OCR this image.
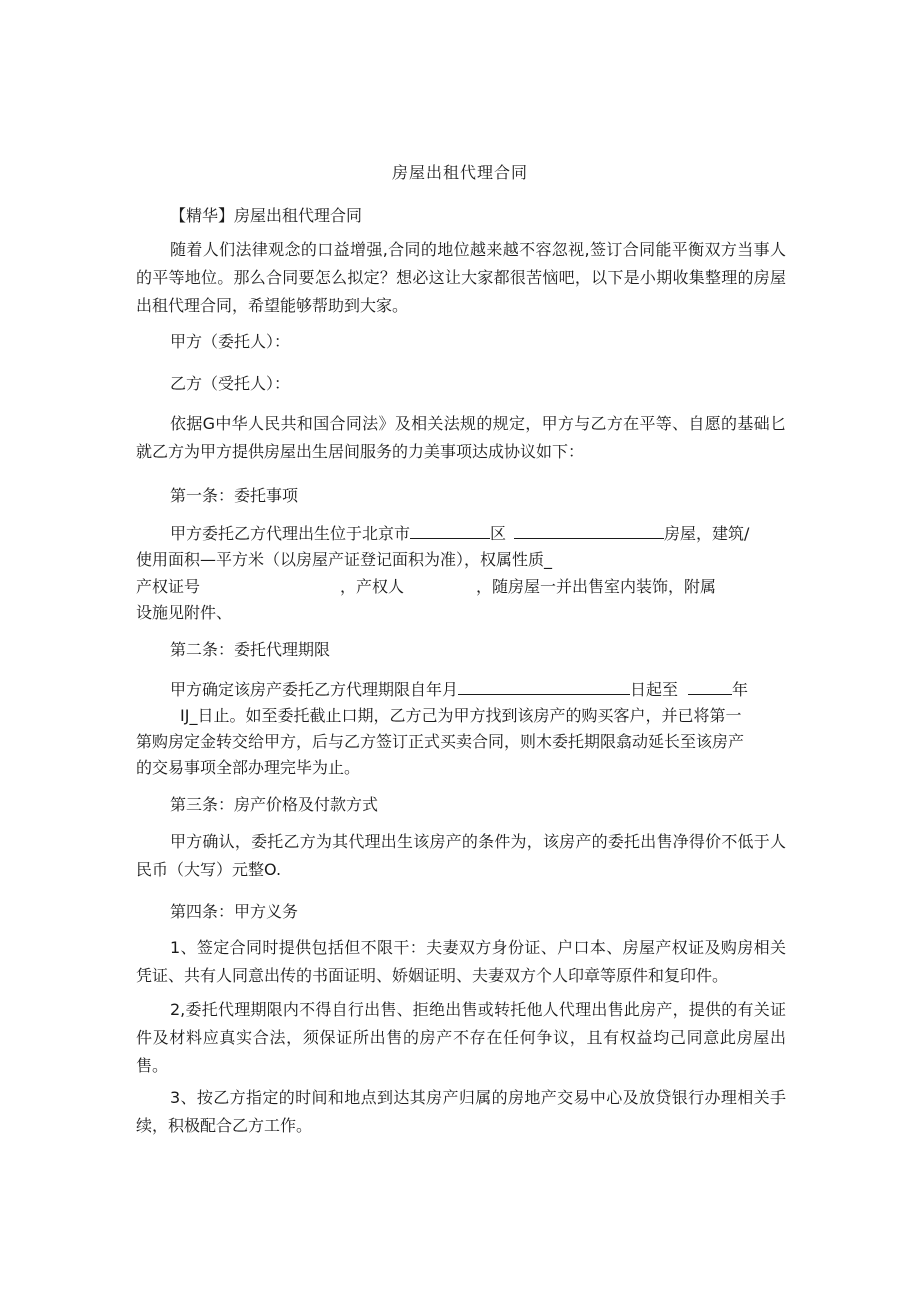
房屋出租代理合同

【精华】房屋出租代理合同

随着人们法律观念的口益增强,合同的地位越来越不容忽视,签订合同能平衡双方当事人的平等地位。那么合同要怎么拟定？想必这让大家都很苦恼吧，以下是小期收集整理的房屋出租代理合同，希望能够帮助到大家。

甲方（委托人）：

乙方（受托人）：

依据G中华人民共和国合同法》及相关法规的规定，甲方与乙方在平等、自愿的基础匕就乙方为甲方提供房屋出生居间服务的力美事项达成协议如下：

第一条：委托事项

甲方委托乙方代理出生位于北京市	区	房屋，建筑/
使用面积—平方米（以房屋产证登记面积为准），权属性质_
产权证号	，产权人	，随房屋一并出售室内装饰，附属
设施见附件、

第二条：委托代理期限

甲方确定该房产委托乙方代理期限自年月	日起至	年
IJ_日止。如至委托截止口期，乙方己为甲方找到该房产的购买客户，并已将第一
第购房定金转交给甲方，后与乙方签订正式买卖合同，则木委托期限翕动延长至该房产
的交易事项全部办理完毕为止。

第三条：房产价格及付款方式

甲方确认，委托乙方为其代理出生该房产的条件为，该房产的委托出售净得价不低于人民币（大写）元整O.

第四条：甲方义务

1、签定合同时提供包括但不限干：夫妻双方身份证、户口本、房屋产权证及购房相关凭证、共有人同意出传的书面证明、娇姻证明、夫妻双方个人印章等原件和复印件。

2,委托代理期限内不得自行出售、拒绝出售或转托他人代理出售此房产，提供的有关证件及材料应真实合法，须保证所出售的房产不存在任何争议，且有权益均己同意此房屋出售。

3、按乙方指定的时间和地点到达其房产归属的房地产交易中心及放贷银行办理相关手续，积极配合乙方工作。
